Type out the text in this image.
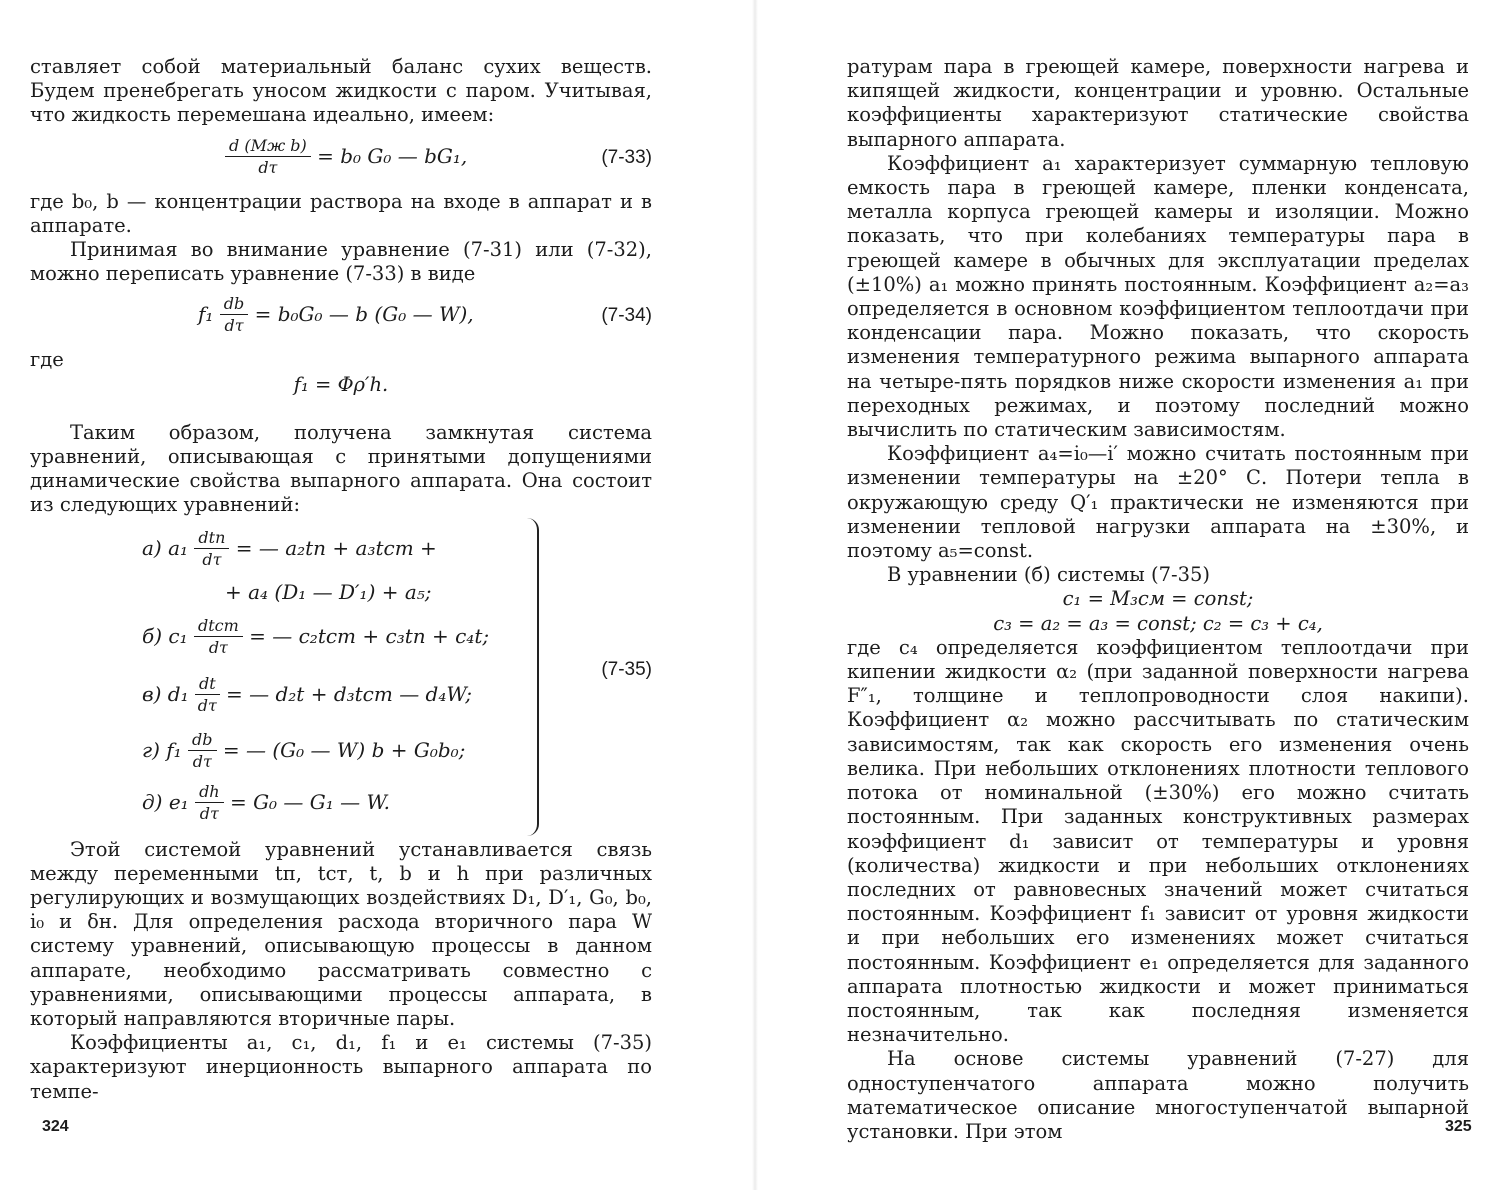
ставляет собой материальный баланс сухих веществ. Будем пренебрегать уносом жидкости с паром. Учитывая, что жидкость перемешана идеально, имеем:

$\frac{\text{d (Mж b)}}{d\tau} = b_0$ G₀ — bG₁,	(7-33)

где b₀, b — концентрации раствора на входе в аппарат и в аппарате.

Принимая во внимание уравнение (7-31) или (7-32), можно переписать уравнение (7-33) в виде

$f_1 \frac{db}{d\tau} = b_0G_0$ — b (G₀ — W),	(7-34)

где

f₁ = Φρ′h.

Таким образом, получена замкнутая система уравнений, описывающая с принятыми допущениями динамические свойства выпарного аппарата. Она состоит из следующих уравнений:

а) $a_1 \frac{\text{dtп}}{d\tau}$ = — a₂tп + a₃tст +
+ a₄ (D₁ — D′₁) + a₅;
б) $c_1 \frac{\text{dtст}}{d\tau}$ = — c₂tст + c₃tп + c₄t;
в) $d_1 \frac{dt}{d\tau}$ = — d₂t + d₃tст — d₄W;
г) $f_1 \frac{db}{d\tau}$ = — (G₀ — W) b + G₀b₀;
д) $e_1 \frac{dh}{d\tau} = G_0$ — G₁ — W.
(7-35)

Этой системой уравнений устанавливается связь между переменными tп, tст, t, b и h при различных регулирующих и возмущающих воздействиях D₁, D′₁, G₀, b₀, i₀ и δн. Для определения расхода вторичного пара W систему уравнений, описывающую процессы в данном аппарате, необходимо рассматривать совместно с уравнениями, описывающими процессы аппарата, в который направляются вторичные пары.

Коэффициенты a₁, c₁, d₁, f₁ и e₁ системы (7-35) характеризуют инерционность выпарного аппарата по темпе-

324

ратурам пара в греющей камере, поверхности нагрева и кипящей жидкости, концентрации и уровню. Остальные коэффициенты характеризуют статические свойства выпарного аппарата.

Коэффициент a₁ характеризует суммарную тепловую емкость пара в греющей камере, пленки конденсата, металла корпуса греющей камеры и изоляции. Можно показать, что при колебаниях температуры пара в греющей камере в обычных для эксплуатации пределах (±10%) a₁ можно принять постоянным. Коэффициент a₂=a₃ определяется в основном коэффициентом теплоотдачи при конденсации пара. Можно показать, что скорость изменения температурного режима выпарного аппарата на четыре-пять порядков ниже скорости изменения a₁ при переходных режимах, и поэтому последний можно вычислить по статическим зависимостям.

Коэффициент a₄=i₀—i′ можно считать постоянным при изменении температуры на ±20° С. Потери тепла в окружающую среду Q′₁ практически не изменяются при изменении тепловой нагрузки аппарата на ±30%, и поэтому a₅=const.

В уравнении (б) системы (7-35)

c₁ = M₃cм = const;

c₃ = a₂ = a₃ = const; c₂ = c₃ + c₄,

где c₄ определяется коэффициентом теплоотдачи при кипении жидкости α₂ (при заданной поверхности нагрева F″₁, толщине и теплопроводности слоя накипи). Коэффициент α₂ можно рассчитывать по статическим зависимостям, так как скорость его изменения очень велика. При небольших отклонениях плотности теплового потока от номинальной (±30%) его можно считать постоянным. При заданных конструктивных размерах коэффициент d₁ зависит от температуры и уровня (количества) жидкости и при небольших отклонениях последних от равновесных значений может считаться постоянным. Коэффициент f₁ зависит от уровня жидкости и при небольших его изменениях может считаться постоянным. Коэффициент e₁ определяется для заданного аппарата плотностью жидкости и может приниматься постоянным, так как последняя изменяется незначительно.

На основе системы уравнений (7-27) для одноступенчатого аппарата можно получить математическое описание многоступенчатой выпарной установки. При этом	325
